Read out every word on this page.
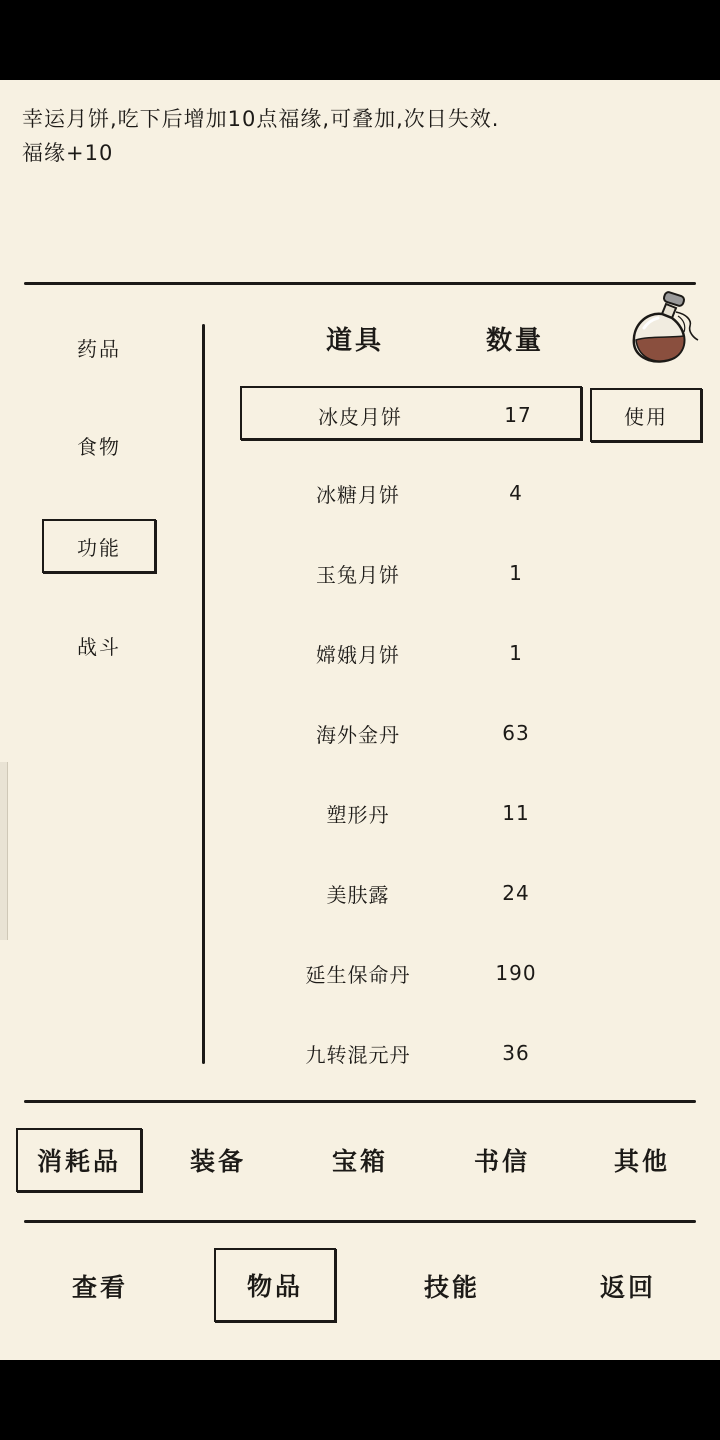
幸运月饼,吃下后增加10点福缘,可叠加,次日失效.
福缘+10
药品
食物
功能
战斗
道具	数量
冰皮月饼	17
冰糖月饼	4
玉兔月饼	1
嫦娥月饼	1
海外金丹	63
塑形丹	11
美肤露	24
延生保命丹	190
九转混元丹	36
使用
消耗品	装备	宝箱	书信	其他
查看	物品	技能	返回
